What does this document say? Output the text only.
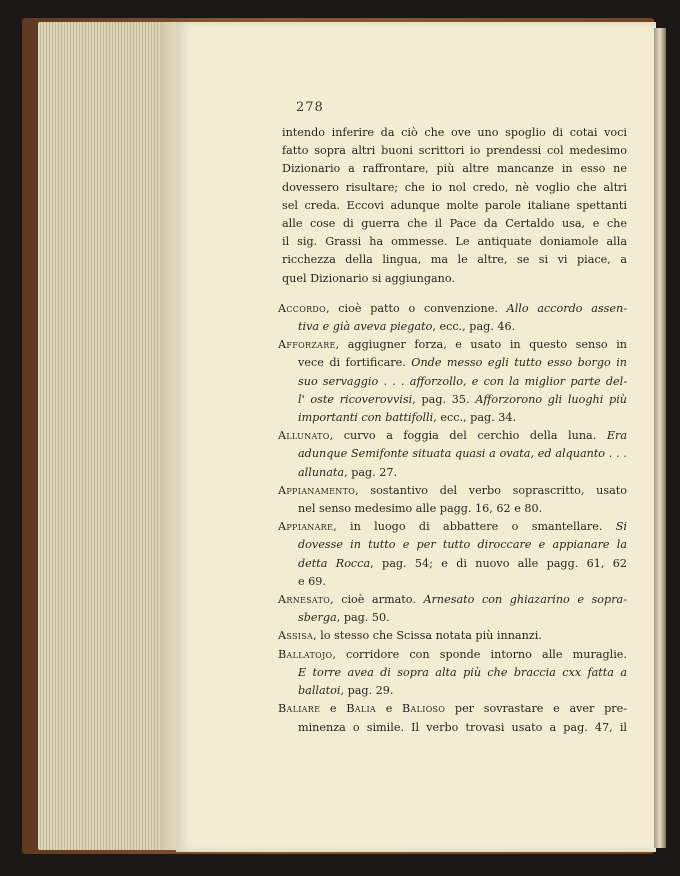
278
intendo inferire da ciò che ove uno spoglio di cotai voci
fatto sopra altri buoni scrittori io prendessi col medesimo
Dizionario a raffrontare, più altre mancanze in esso ne
dovessero risultare; che io nol credo, nè voglio che altri
sel creda. Eccovi adunque molte parole italiane spettanti
alle cose di guerra che il Pace da Certaldo usa, e che
il sig. Grassi ha ommesse. Le antiquate doniamole alla
ricchezza della lingua, ma le altre, se si vi piace, a
quel Dizionario si aggiungano.
Accordo, cioè patto o convenzione. Allo accordo assen-
tiva e già aveva piegato, ecc., pag. 46.
Afforzare, aggiugner forza, e usato in questo senso in
vece di fortificare. Onde messo egli tutto esso borgo in
suo servaggio . . . afforzollo, e con la miglior parte del-
l' oste ricoverovvisi, pag. 35. Afforzorono gli luoghi più
importanti con battifolli, ecc., pag. 34.
Allunato, curvo a foggia del cerchio della luna. Era
adunque Semifonte situata quasi a ovata, ed alquanto . . .
allunata, pag. 27.
Appianamento, sostantivo del verbo soprascritto, usato
nel senso medesimo alle pagg. 16, 62 e 80.
Appianare, in luogo di abbattere o smantellare. Si
dovesse in tutto e per tutto diroccare e appianare la
detta Rocca, pag. 54; e di nuovo alle pagg. 61, 62
e 69.
Arnesato, cioè armato. Arnesato con ghiazarino e sopra-
sberga, pag. 50.
Assisa, lo stesso che Scissa notata più innanzi.
Ballatojo, corridore con sponde intorno alle muraglie.
E torre avea di sopra alta più che braccia cxx fatta a
ballatoi, pag. 29.
Baliare e Balia e Balioso per sovrastare e aver pre-
minenza o simile. Il verbo trovasi usato a pag. 47, il
